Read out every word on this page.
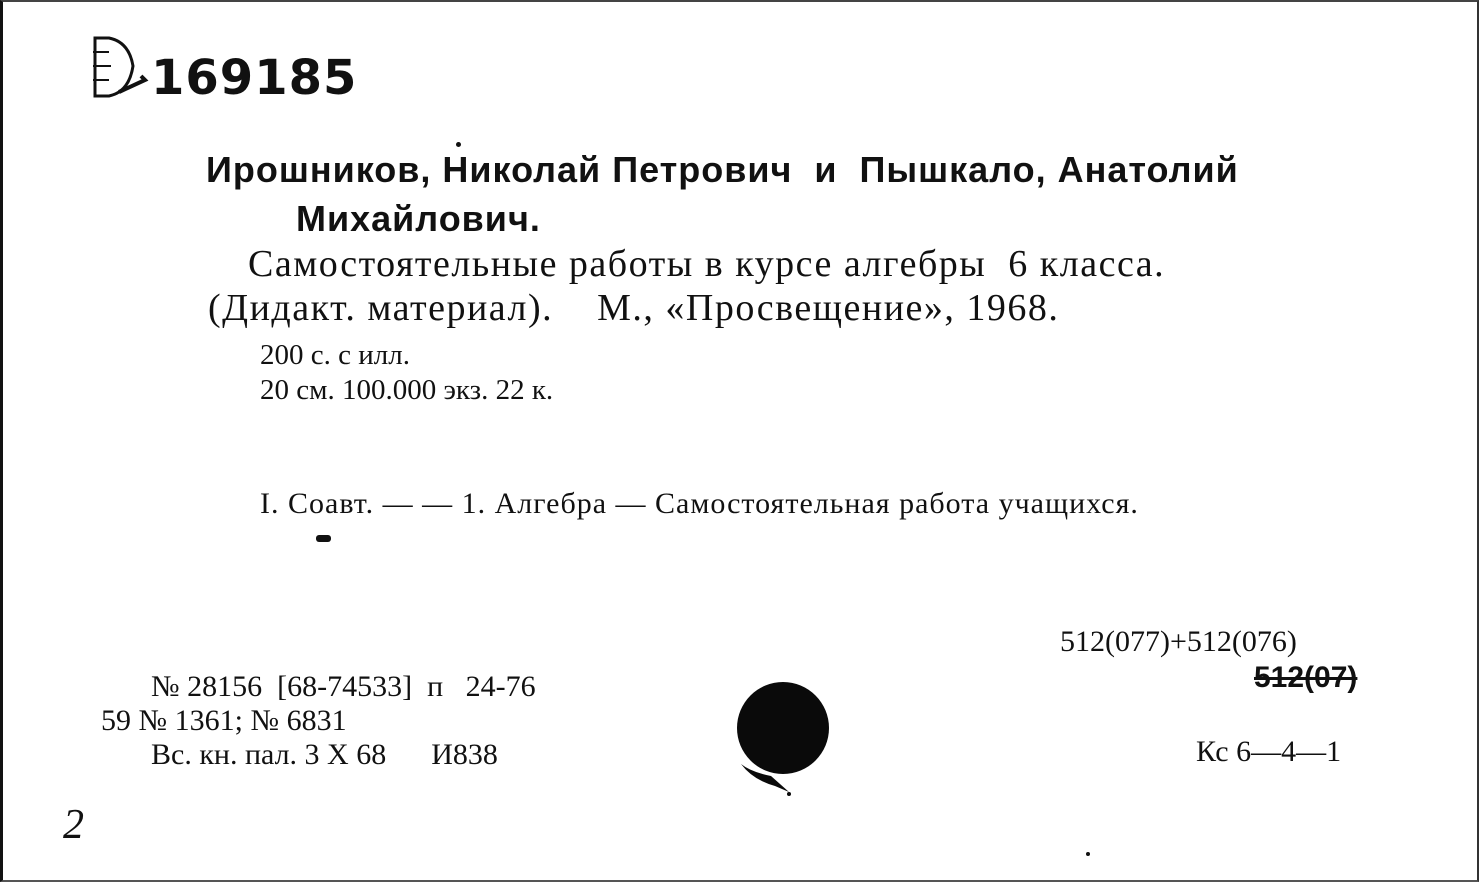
169185
Ирошников, Николай Петрович  и  Пышкало, Анатолий
Михайлович.
Самостоятельные работы в курсе алгебры  6 класса.
(Дидакт. материал).    М., «Просвещение», 1968.
200 с. с илл.
20 см. 100.000 экз. 22 к.
I. Соавт. — — 1. Алгебра — Самостоятельная работа учащихся.
512(077)+512(076)
512(07)
№ 28156  [68-74533]  п   24-76
59 № 1361; № 6831
Вс. кн. пал. 3 X 68      И838	Кс 6—4—1
2
